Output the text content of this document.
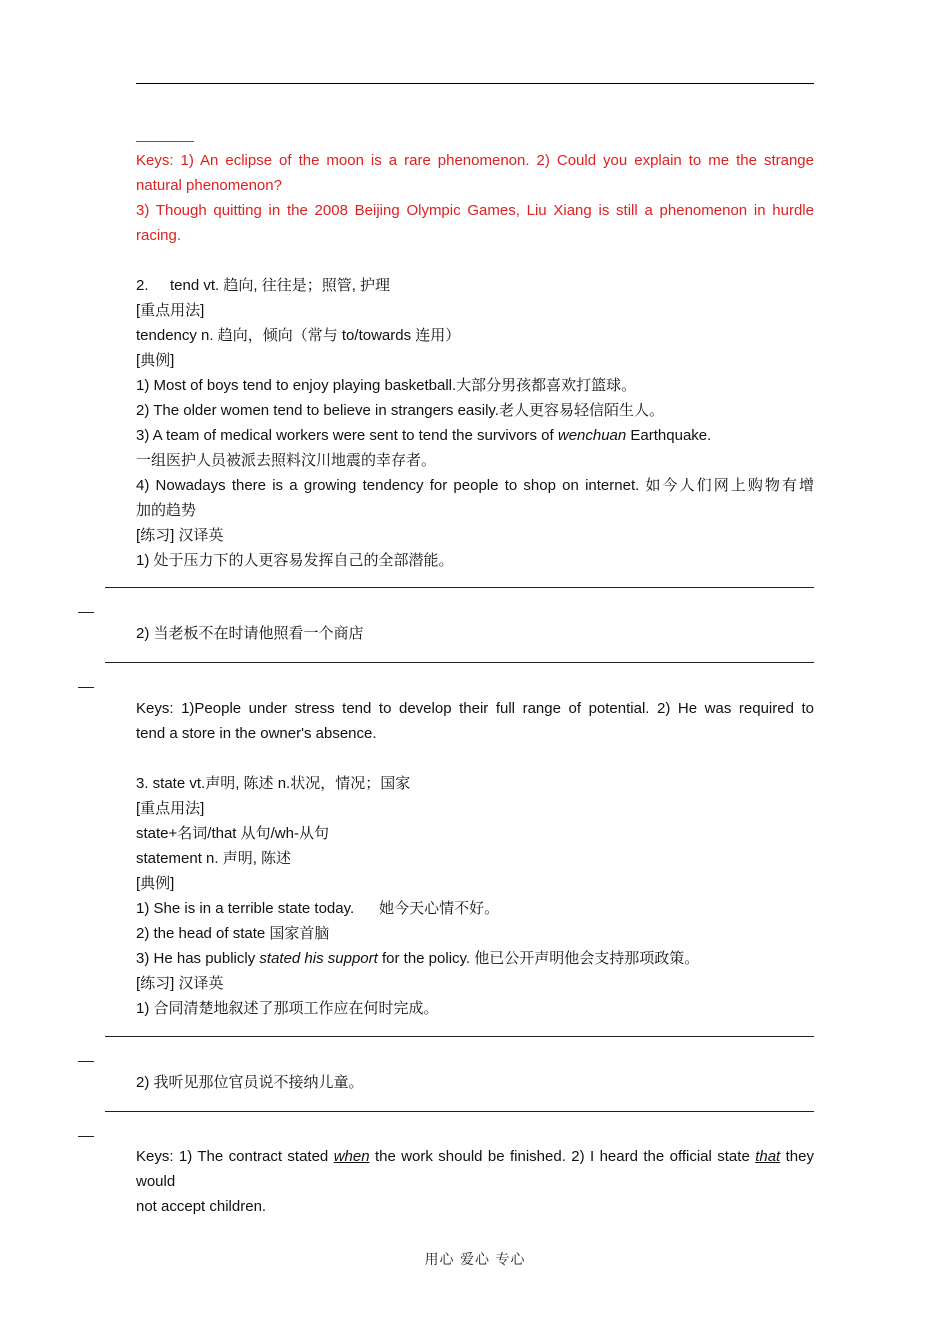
Keys: 1) An eclipse of the moon is a rare phenomenon. 2) Could you explain to me the strange
natural phenomenon?
3) Though quitting in the 2008 Beijing Olympic Games, Liu Xiang is still a phenomenon in hurdle
racing.
2. tend vt. 趋向, 往往是；照管, 护理
[重点用法]
tendency n. 趋向，倾向（常与 to/towards 连用）
[典例]
1) Most of boys tend to enjoy playing basketball.大部分男孩都喜欢打篮球。
2) The older women tend to believe in strangers easily.老人更容易轻信陌生人。
3) A team of medical workers were sent to tend the survivors of wenchuan Earthquake.
一组医护人员被派去照料汶川地震的幸存者。
4) Nowadays there is a growing tendency for people to shop on internet. 如今人们网上购物有增
加的趋势
[练习] 汉译英
1) 处于压力下的人更容易发挥自己的全部潜能。
2) 当老板不在时请他照看一个商店
Keys: 1)People under stress tend to develop their full range of potential. 2) He was required to
tend a store in the owner's absence.
3. state vt.声明, 陈述 n.状况，情况；国家
[重点用法]
state+名词/that 从句/wh-从句
statement n. 声明, 陈述
[典例]
1) She is in a terrible state today.      她今天心情不好。
2) the head of state 国家首脑
3) He has publicly stated his support for the policy. 他已公开声明他会支持那项政策。
[练习] 汉译英
1) 合同清楚地叙述了那项工作应在何时完成。
2) 我听见那位官员说不接纳儿童。
Keys: 1) The contract stated when the work should be finished. 2) I heard the official state that they
would
not accept children.
用心 爱心 专心
